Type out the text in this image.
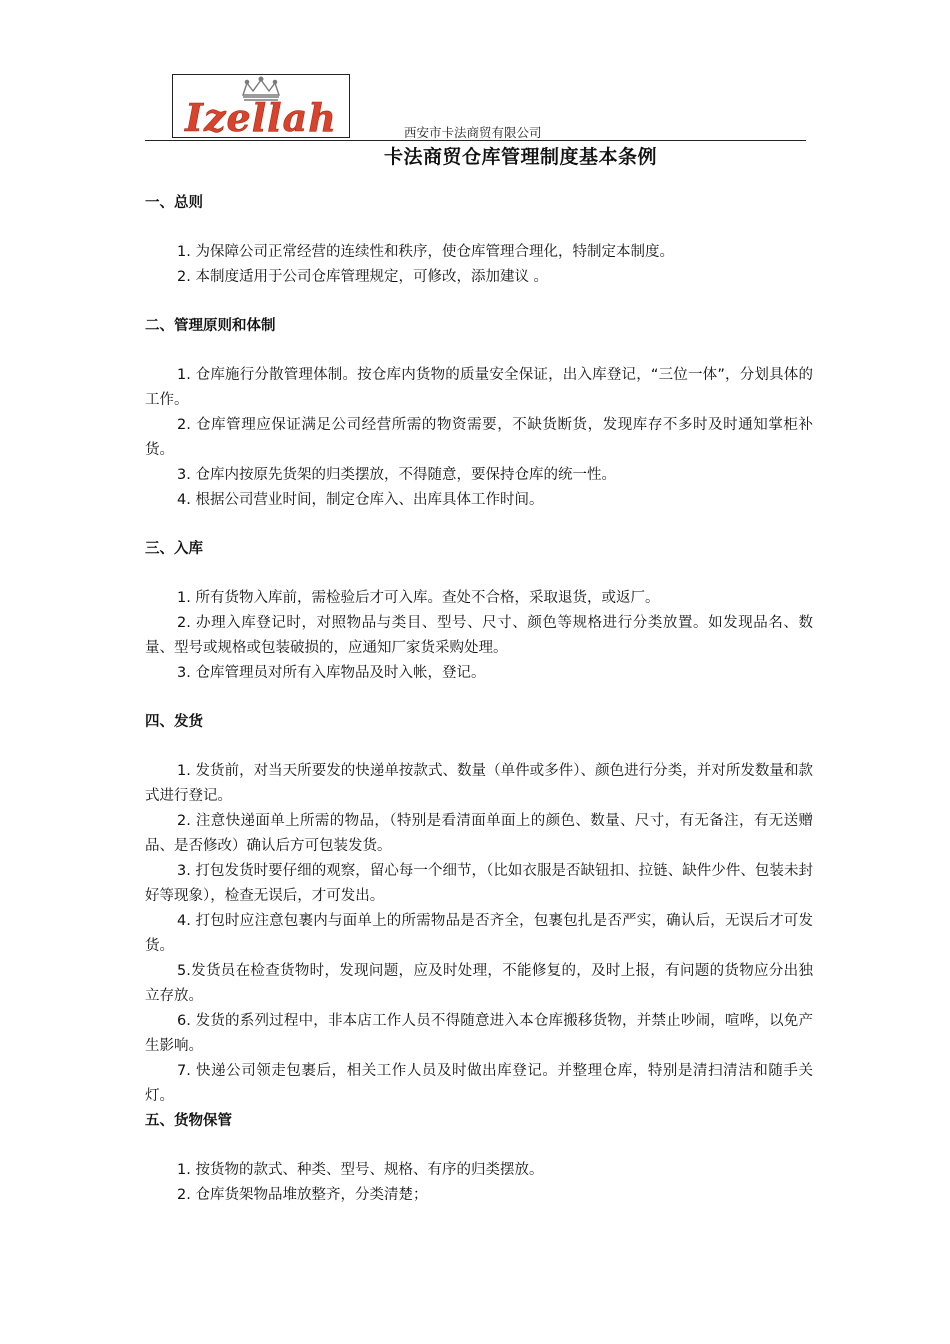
Izellah	西安市卡法商贸有限公司
卡法商贸仓库管理制度基本条例
一、总则
1. 为保障公司正常经营的连续性和秩序，使仓库管理合理化，特制定本制度。
2. 本制度适用于公司仓库管理规定，可修改，添加建议 。
二、管理原则和体制
1. 仓库施行分散管理体制。按仓库内货物的质量安全保证，出入库登记，“三位一体”，分划具体的工作。
2. 仓库管理应保证满足公司经营所需的物资需要，不缺货断货，发现库存不多时及时通知掌柜补货。
3. 仓库内按原先货架的归类摆放，不得随意，要保持仓库的统一性。
4. 根据公司营业时间，制定仓库入、出库具体工作时间。
三、入库
1. 所有货物入库前，需检验后才可入库。查处不合格，采取退货，或返厂。
2. 办理入库登记时，对照物品与类目、型号、尺寸、颜色等规格进行分类放置。如发现品名、数量、型号或规格或包装破损的，应通知厂家货采购处理。
3. 仓库管理员对所有入库物品及时入帐，登记。
四、发货
1. 发货前，对当天所要发的快递单按款式、数量（单件或多件）、颜色进行分类，并对所发数量和款式进行登记。
2. 注意快递面单上所需的物品，（特别是看清面单面上的颜色、数量、尺寸，有无备注，有无送赠品、是否修改）确认后方可包装发货。
3. 打包发货时要仔细的观察，留心每一个细节，（比如衣服是否缺钮扣、拉链、缺件少件、包装未封好等现象），检查无误后，才可发出。
4. 打包时应注意包裹内与面单上的所需物品是否齐全，包裹包扎是否严实，确认后，无误后才可发货。
5.发货员在检查货物时，发现问题，应及时处理，不能修复的，及时上报，有问题的货物应分出独立存放。
6. 发货的系列过程中，非本店工作人员不得随意进入本仓库搬移货物，并禁止吵闹，喧哗，以免产生影响。
7. 快递公司领走包裹后，相关工作人员及时做出库登记。并整理仓库，特别是清扫清洁和随手关灯。
五、货物保管
1. 按货物的款式、种类、型号、规格、有序的归类摆放。
2. 仓库货架物品堆放整齐，分类清楚；
